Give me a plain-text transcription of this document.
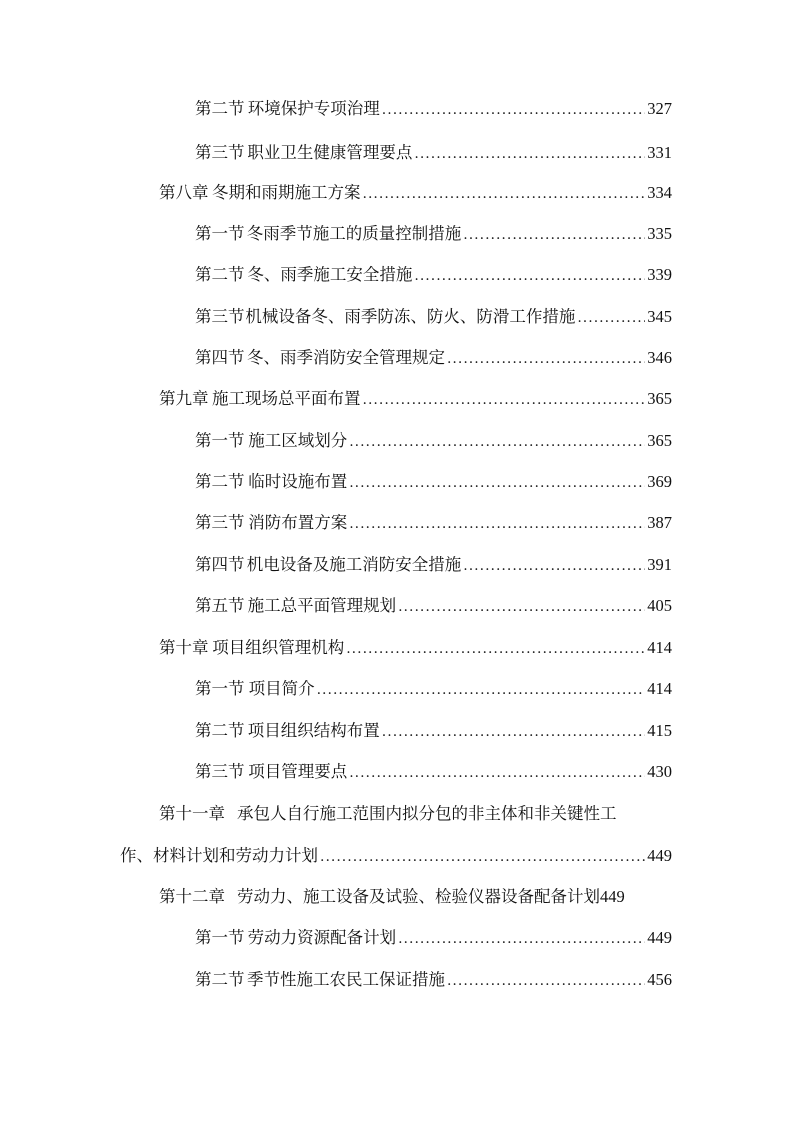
第二节 环境保护专项治理 .....	327
第三节 职业卫生健康管理要点 .....	331
第八章 冬期和雨期施工方案 .....	334
第一节 冬雨季节施工的质量控制措施 .....	335
第二节 冬、雨季施工安全措施 .....	339
第三节 机械设备冬、雨季防冻、防火、防滑工作措施 .....	345
第四节 冬、雨季消防安全管理规定 .....	346
第九章 施工现场总平面布置 .....	365
第一节 施工区域划分 .....	365
第二节 临时设施布置 .....	369
第三节 消防布置方案 .....	387
第四节 机电设备及施工消防安全措施 .....	391
第五节 施工总平面管理规划 .....	405
第十章 项目组织管理机构 .....	414
第一节 项目简介 .....	414
第二节 项目组织结构布置 .....	415
第三节 项目管理要点 .....	430
第十一章 承包人自行施工范围内拟分包的非主体和非关键性工
作、材料计划和劳动力计划 .....	449
第十二章 劳动力、施工设备及试验、检验仪器设备配备计划 449
第一节 劳动力资源配备计划 .....	449
第二节 季节性施工农民工保证措施 .....	456
